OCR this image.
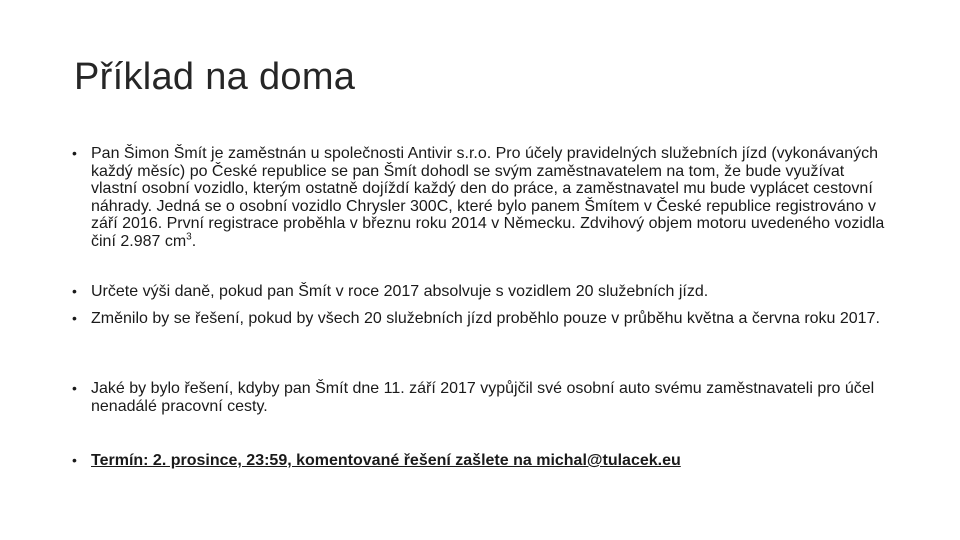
Příklad na doma
• Pan Šimon Šmít je zaměstnán u společnosti Antivir s.r.o. Pro účely pravidelných služebních jízd (vykonávaných každý měsíc) po České republice se pan Šmít dohodl se svým zaměstnavatelem na tom, že bude využívat vlastní osobní vozidlo, kterým ostatně dojíždí každý den do práce, a zaměstnavatel mu bude vyplácet cestovní náhrady. Jedná se o osobní vozidlo Chrysler 300C, které bylo panem Šmítem v České republice registrováno v září 2016. První registrace proběhla v březnu roku 2014 v Německu. Zdvihový objem motoru uvedeného vozidla činí 2.987 $cm^3$.
• Určete výši daně, pokud pan Šmít v roce 2017 absolvuje s vozidlem 20 služebních jízd.
• Změnilo by se řešení, pokud by všech 20 služebních jízd proběhlo pouze v průběhu května a června roku 2017.
• Jaké by bylo řešení, kdyby pan Šmít dne 11. září 2017 vypůjčil své osobní auto svému zaměstnavateli pro účel nenadálé pracovní cesty.
• Termín: 2. prosince, 23:59, komentované řešení zašlete na michal@tulacek.eu
